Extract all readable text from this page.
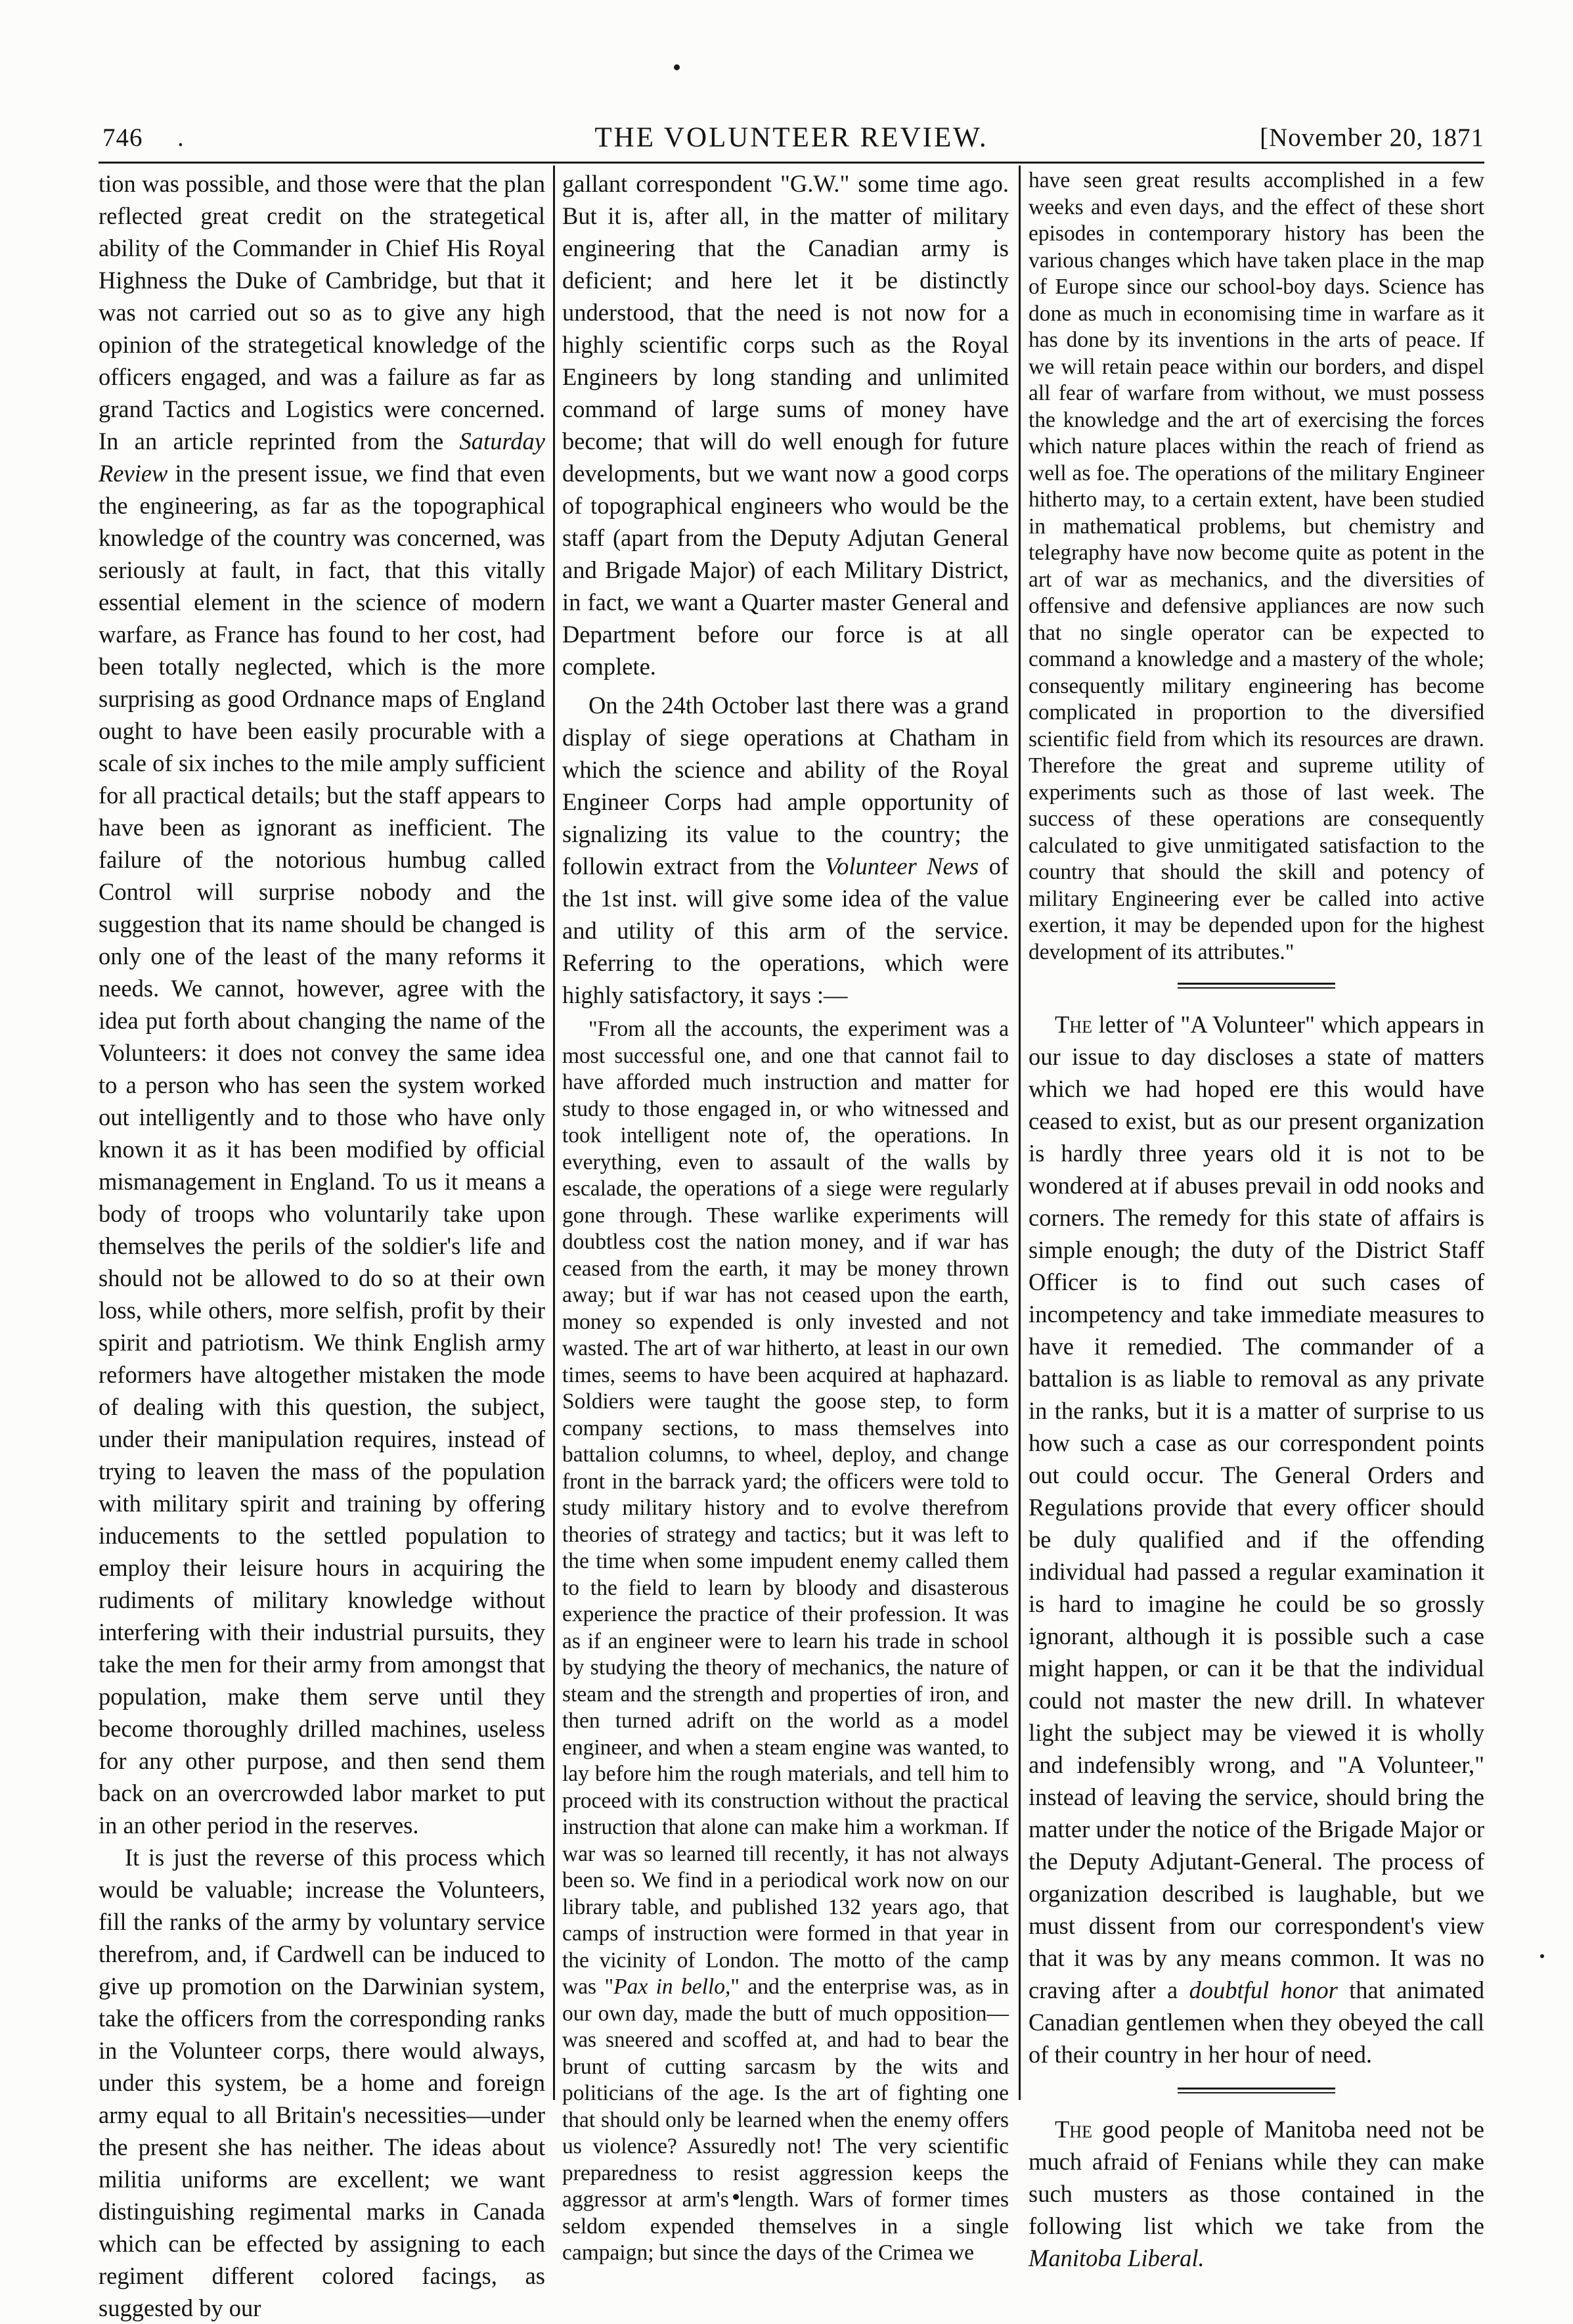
746 .	THE VOLUNTEER REVIEW.	[November 20, 1871

tion was possible, and those were that the plan reflected great credit on the strategetical ability of the Commander in Chief His Royal Highness the Duke of Cambridge, but that it was not carried out so as to give any high opinion of the strategetical knowledge of the officers engaged, and was a failure as far as grand Tactics and Logistics were concerned. In an article reprinted from the Saturday Review in the present issue, we find that even the engineering, as far as the topographical knowledge of the country was concerned, was seriously at fault, in fact, that this vitally essential element in the science of modern warfare, as France has found to her cost, had been totally neglected, which is the more surprising as good Ordnance maps of England ought to have been easily procurable with a scale of six inches to the mile amply sufficient for all practical details; but the staff appears to have been as ignorant as inefficient. The failure of the notorious humbug called Control will surprise nobody and the suggestion that its name should be changed is only one of the least of the many reforms it needs. We cannot, however, agree with the idea put forth about changing the name of the Volunteers: it does not convey the same idea to a person who has seen the system worked out intelligently and to those who have only known it as it has been modified by official mismanagement in England. To us it means a body of troops who voluntarily take upon themselves the perils of the soldier's life and should not be allowed to do so at their own loss, while others, more selfish, profit by their spirit and patriotism. We think English army reformers have altogether mistaken the mode of dealing with this question, the subject, under their manipulation requires, instead of trying to leaven the mass of the population with military spirit and training by offering inducements to the settled population to employ their leisure hours in acquiring the rudiments of military knowledge without interfering with their industrial pursuits, they take the men for their army from amongst that population, make them serve until they become thoroughly drilled machines, useless for any other purpose, and then send them back on an overcrowded labor market to put in an other period in the reserves.

It is just the reverse of this process which would be valuable; increase the Volunteers, fill the ranks of the army by voluntary service therefrom, and, if Cardwell can be induced to give up promotion on the Darwinian system, take the officers from the corresponding ranks in the Volunteer corps, there would always, under this system, be a home and foreign army equal to all Britain's necessities—under the present she has neither. The ideas about militia uniforms are excellent; we want distinguishing regimental marks in Canada which can be effected by assigning to each regiment different colored facings, as suggested by our

gallant correspondent "G.W." some time ago. But it is, after all, in the matter of military engineering that the Canadian army is deficient; and here let it be distinctly understood, that the need is not now for a highly scientific corps such as the Royal Engineers by long standing and unlimited command of large sums of money have become; that will do well enough for future developments, but we want now a good corps of topographical engineers who would be the staff (apart from the Deputy Adjutan General and Brigade Major) of each Military District, in fact, we want a Quarter master General and Department before our force is at all complete.

On the 24th October last there was a grand display of siege operations at Chatham in which the science and ability of the Royal Engineer Corps had ample opportunity of signalizing its value to the country; the followin extract from the Volunteer News of the 1st inst. will give some idea of the value and utility of this arm of the service. Referring to the operations, which were highly satisfactory, it says :—

"From all the accounts, the experiment was a most successful one, and one that cannot fail to have afforded much instruction and matter for study to those engaged in, or who witnessed and took intelligent note of, the operations. In everything, even to assault of the walls by escalade, the operations of a siege were regularly gone through. These warlike experiments will doubtless cost the nation money, and if war has ceased from the earth, it may be money thrown away; but if war has not ceased upon the earth, money so expended is only invested and not wasted. The art of war hitherto, at least in our own times, seems to have been acquired at haphazard. Soldiers were taught the goose step, to form company sections, to mass themselves into battalion columns, to wheel, deploy, and change front in the barrack yard; the officers were told to study military history and to evolve therefrom theories of strategy and tactics; but it was left to the time when some impudent enemy called them to the field to learn by bloody and disasterous experience the practice of their profession. It was as if an engineer were to learn his trade in school by studying the theory of mechanics, the nature of steam and the strength and properties of iron, and then turned adrift on the world as a model engineer, and when a steam engine was wanted, to lay before him the rough materials, and tell him to proceed with its construction without the practical instruction that alone can make him a workman. If war was so learned till recently, it has not always been so. We find in a periodical work now on our library table, and published 132 years ago, that camps of instruction were formed in that year in the vicinity of London. The motto of the camp was "Pax in bello," and the enterprise was, as in our own day, made the butt of much opposition—was sneered and scoffed at, and had to bear the brunt of cutting sarcasm by the wits and politicians of the age. Is the art of fighting one that should only be learned when the enemy offers us violence? Assuredly not! The very scientific preparedness to resist aggression keeps the aggressor at arm's length. Wars of former times seldom expended themselves in a single campaign; but since the days of the Crimea we

have seen great results accomplished in a few weeks and even days, and the effect of these short episodes in contemporary history has been the various changes which have taken place in the map of Europe since our school-boy days. Science has done as much in economising time in warfare as it has done by its inventions in the arts of peace. If we will retain peace within our borders, and dispel all fear of warfare from without, we must possess the knowledge and the art of exercising the forces which nature places within the reach of friend as well as foe. The operations of the military Engineer hitherto may, to a certain extent, have been studied in mathematical problems, but chemistry and telegraphy have now become quite as potent in the art of war as mechanics, and the diversities of offensive and defensive appliances are now such that no single operator can be expected to command a knowledge and a mastery of the whole; consequently military engineering has become complicated in proportion to the diversified scientific field from which its resources are drawn. Therefore the great and supreme utility of experiments such as those of last week. The success of these operations are consequently calculated to give unmitigated satisfaction to the country that should the skill and potency of military Engineering ever be called into active exertion, it may be depended upon for the highest development of its attributes."

The letter of "A Volunteer" which appears in our issue to day discloses a state of matters which we had hoped ere this would have ceased to exist, but as our present organization is hardly three years old it is not to be wondered at if abuses prevail in odd nooks and corners. The remedy for this state of affairs is simple enough; the duty of the District Staff Officer is to find out such cases of incompetency and take immediate measures to have it remedied. The commander of a battalion is as liable to removal as any private in the ranks, but it is a matter of surprise to us how such a case as our correspondent points out could occur. The General Orders and Regulations provide that every officer should be duly qualified and if the offending individual had passed a regular examination it is hard to imagine he could be so grossly ignorant, although it is possible such a case might happen, or can it be that the individual could not master the new drill. In whatever light the subject may be viewed it is wholly and indefensibly wrong, and "A Volunteer," instead of leaving the service, should bring the matter under the notice of the Brigade Major or the Deputy Adjutant-General. The process of organization described is laughable, but we must dissent from our correspondent's view that it was by any means common. It was no craving after a doubtful honor that animated Canadian gentlemen when they obeyed the call of their country in her hour of need.

The good people of Manitoba need not be much afraid of Fenians while they can make such musters as those contained in the following list which we take from the Manitoba Liberal.
